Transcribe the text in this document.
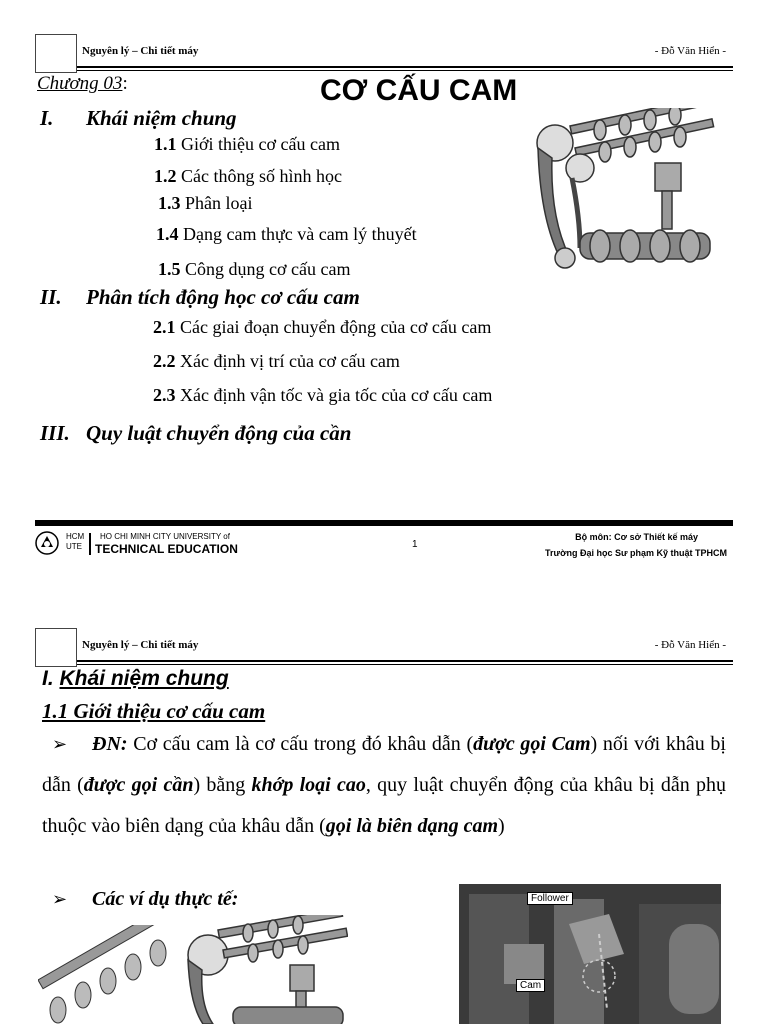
Nguyên lý – Chi tiết máy	- Đỗ Văn Hiển -
Chương 03:	CƠ CẤU CAM
I. Khái niệm chung
1.1 Giới thiệu cơ cấu cam
1.2 Các thông số hình học
1.3 Phân loại
1.4 Dạng cam thực và cam lý thuyết
1.5 Công dụng cơ cấu cam
II. Phân tích động học cơ cấu cam
2.1 Các giai đoạn chuyển động của cơ cấu cam
2.2 Xác định vị trí của cơ cấu cam
2.3 Xác định vận tốc và gia tốc của cơ cấu cam
III. Quy luật chuyển động của cần
HCM
UTE
HO CHI MINH CITY UNIVERSITY of
TECHNICAL EDUCATION	1
Bộ môn: Cơ sở Thiết kế máy
Trường Đại học Sư phạm Kỹ thuật TPHCM
Nguyên lý – Chi tiết máy	- Đỗ Văn Hiển -
I. Khái niệm chung
1.1 Giới thiệu cơ cấu cam
➢ ĐN: Cơ cấu cam là cơ cấu trong đó khâu dẫn (được gọi Cam) nối với khâu bị dẫn (được gọi cần) bằng khớp loại cao, quy luật chuyển động của khâu bị dẫn phụ thuộc vào biên dạng của khâu dẫn (gọi là biên dạng cam)
➢ Các ví dụ thực tế:	Follower
Cam
